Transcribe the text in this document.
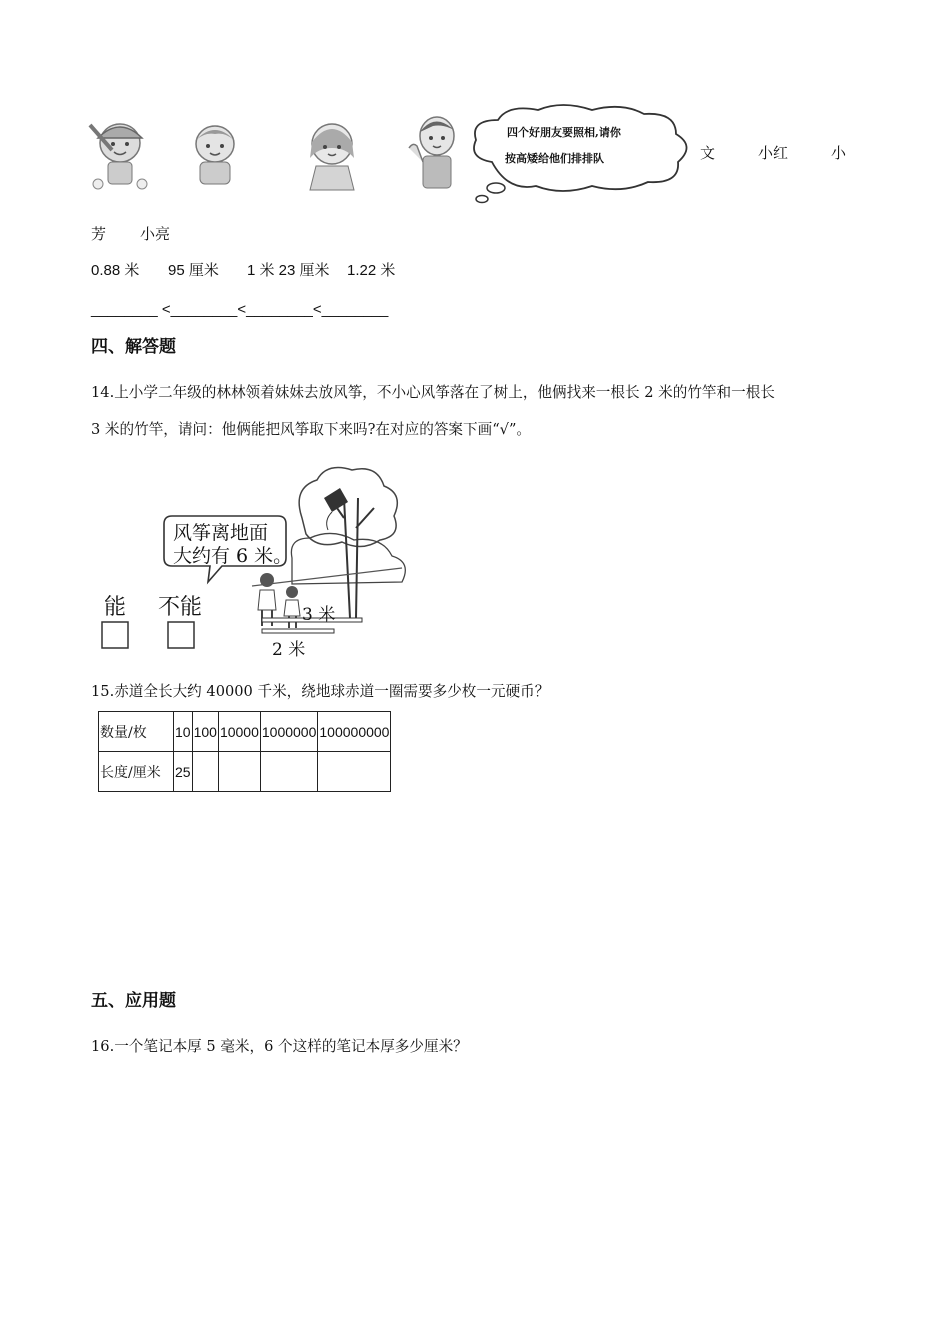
四个好朋友要照相,请你
按高矮给他们排排队	文	小红	小
芳 小亮
0.88 米 95 厘米 1 米 23 厘米 1.22 米
________ <________<________<________
四、解答题
14.上小学二年级的林林领着妹妹去放风筝，不小心风筝落在了树上，他俩找来一根长 2 米的竹竿和一根长
3 米的竹竿，请问：他俩能把风筝取下来吗?在对应的答案下画“√”。
风筝离地面
大约有 6 米。
能 不能	3 米
2 米
15.赤道全长大约 40000 千米，绕地球赤道一圈需要多少枚一元硬币？
数量/枚	10	100	10000	1000000	100000000
长度/厘米	25				
五、应用题
16.一个笔记本厚 5 毫米，6 个这样的笔记本厚多少厘米？
